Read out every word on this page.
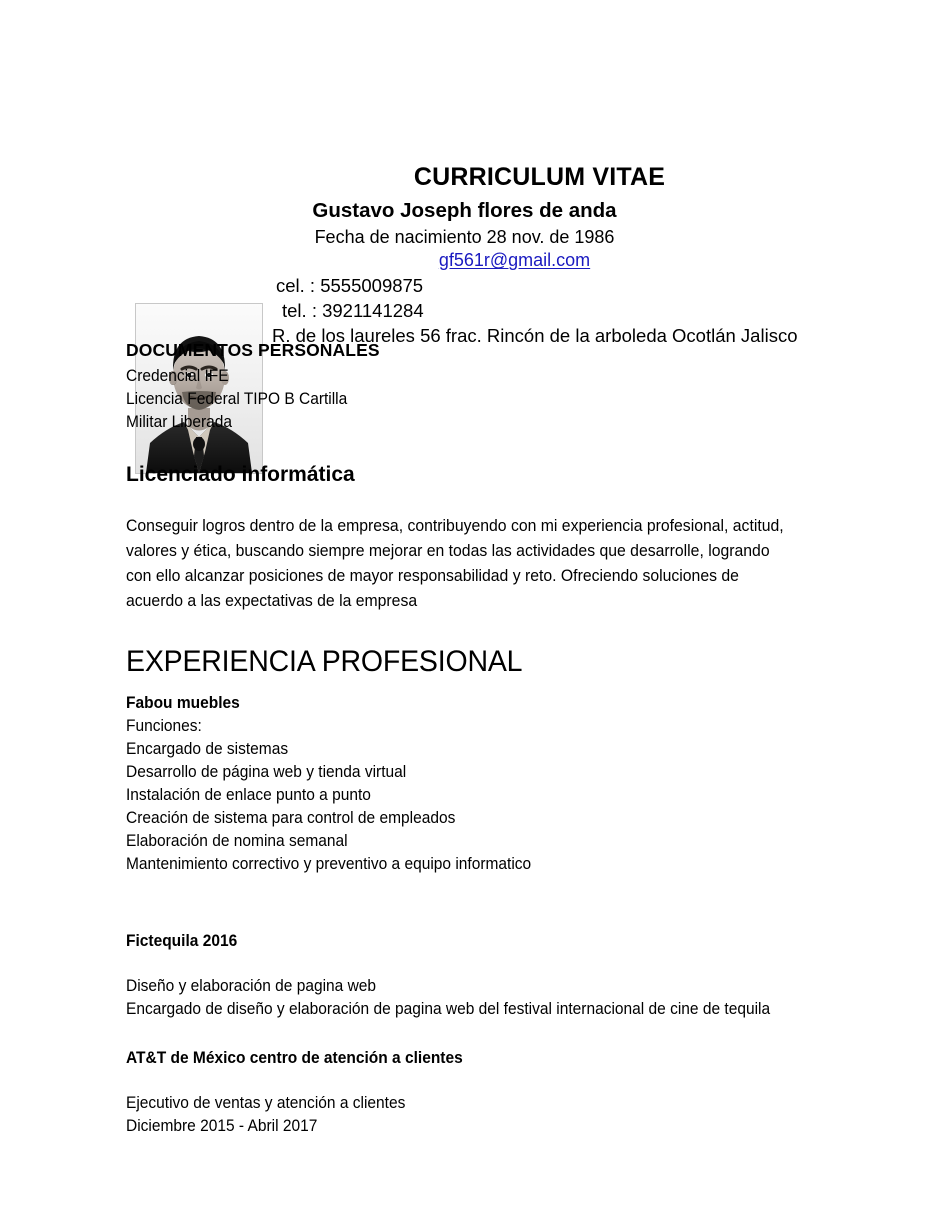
CURRICULUM VITAE
Gustavo Joseph flores de anda
Fecha de nacimiento 28 nov. de 1986
gf561r@gmail.com
cel. : 5555009875
tel. : 3921141284
R. de los laureles 56 frac. Rincón de la arboleda Ocotlán Jalisco
DOCUMENTOS PERSONALES
Credencial IFE
Licencia Federal TIPO B Cartilla
Militar Liberada
Licenciado informática
Conseguir logros dentro de la empresa, contribuyendo con mi experiencia profesional, actitud,
valores y ética, buscando siempre mejorar en todas las actividades que desarrolle, logrando
con ello alcanzar posiciones de mayor responsabilidad y reto. Ofreciendo soluciones de
acuerdo a las expectativas de la empresa
EXPERIENCIA PROFESIONAL
Fabou muebles
Funciones:
Encargado de sistemas
Desarrollo de página web y tienda virtual
Instalación de enlace punto a punto
Creación de sistema para control de empleados
Elaboración de nomina semanal
Mantenimiento correctivo y preventivo a equipo informatico
Fictequila 2016
Diseño y elaboración de pagina web
Encargado de diseño y elaboración de pagina web del festival internacional de cine de tequila
AT&T de México centro de atención a clientes
Ejecutivo de ventas y atención a clientes
Diciembre 2015 - Abril 2017
